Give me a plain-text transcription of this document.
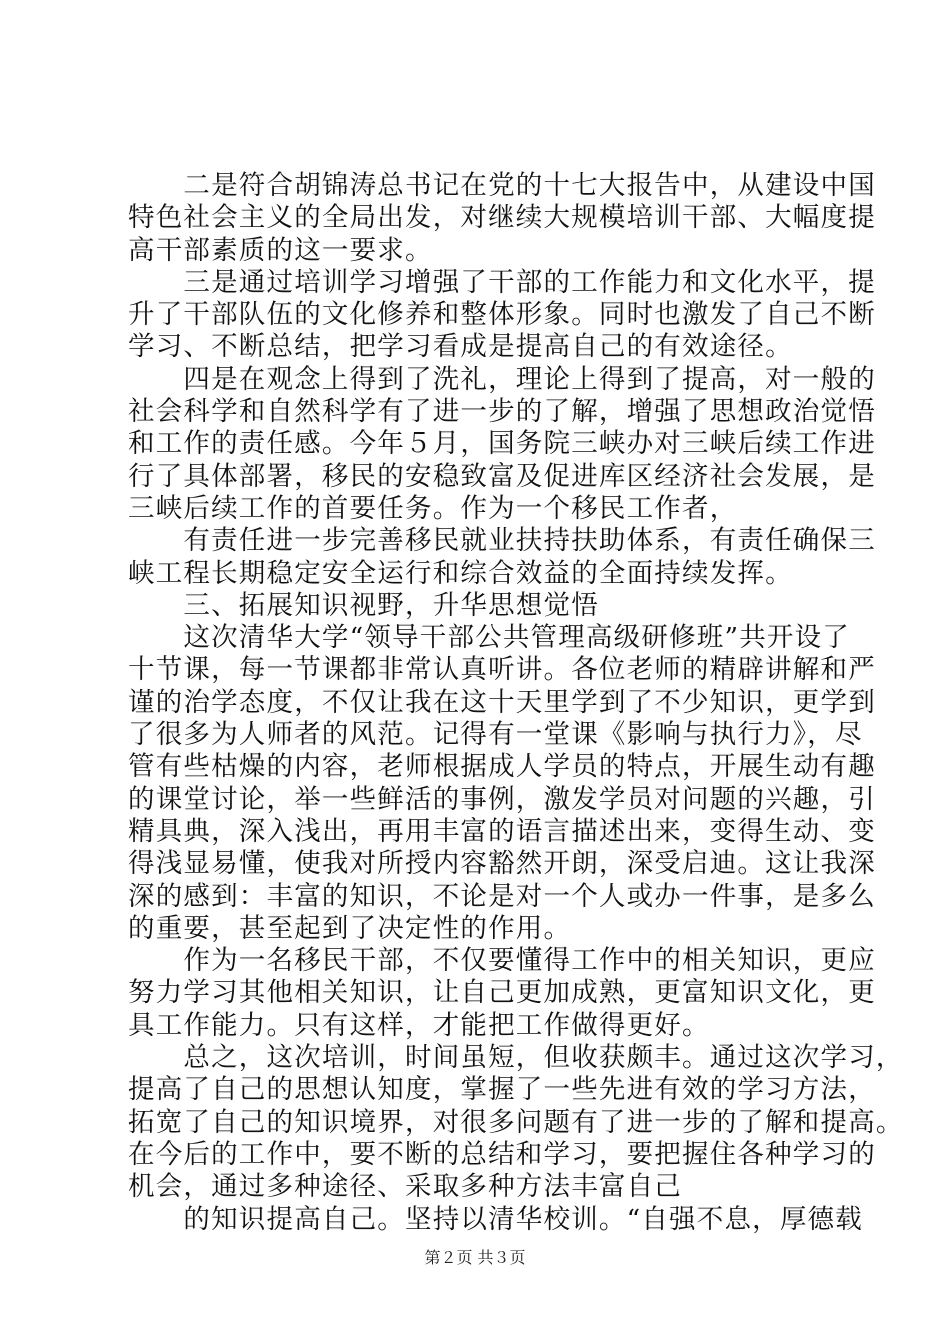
　　二是符合胡锦涛总书记在党的十七大报告中，从建设中国
特色社会主义的全局出发，对继续大规模培训干部、大幅度提
高干部素质的这一要求。
　　三是通过培训学习增强了干部的工作能力和文化水平，提
升了干部队伍的文化修养和整体形象。同时也激发了自己不断
学习、不断总结，把学习看成是提高自己的有效途径。
　　四是在观念上得到了洗礼，理论上得到了提高，对一般的
社会科学和自然科学有了进一步的了解，增强了思想政治觉悟
和工作的责任感。今年５月，国务院三峡办对三峡后续工作进
行了具体部署，移民的安稳致富及促进库区经济社会发展，是
三峡后续工作的首要任务。作为一个移民工作者，
　　有责任进一步完善移民就业扶持扶助体系，有责任确保三
峡工程长期稳定安全运行和综合效益的全面持续发挥。
　　三、拓展知识视野，升华思想觉悟
　　这次清华大学“领导干部公共管理高级研修班”共开设了
十节课，每一节课都非常认真听讲。各位老师的精辟讲解和严
谨的治学态度，不仅让我在这十天里学到了不少知识，更学到
了很多为人师者的风范。记得有一堂课《影响与执行力》，尽
管有些枯燥的内容，老师根据成人学员的特点，开展生动有趣
的课堂讨论，举一些鲜活的事例，激发学员对问题的兴趣，引
精具典，深入浅出，再用丰富的语言描述出来，变得生动、变
得浅显易懂，使我对所授内容豁然开朗，深受启迪。这让我深
深的感到：丰富的知识，不论是对一个人或办一件事，是多么
的重要，甚至起到了决定性的作用。
　　作为一名移民干部，不仅要懂得工作中的相关知识，更应
努力学习其他相关知识，让自己更加成熟，更富知识文化，更
具工作能力。只有这样，才能把工作做得更好。
　　总之，这次培训，时间虽短，但收获颇丰。通过这次学习，
提高了自己的思想认知度，掌握了一些先进有效的学习方法，
拓宽了自己的知识境界，对很多问题有了进一步的了解和提高。
在今后的工作中，要不断的总结和学习，要把握住各种学习的
机会，通过多种途径、采取多种方法丰富自己
　　的知识提高自己。坚持以清华校训。“自强不息，厚德载
第２页 共３页
